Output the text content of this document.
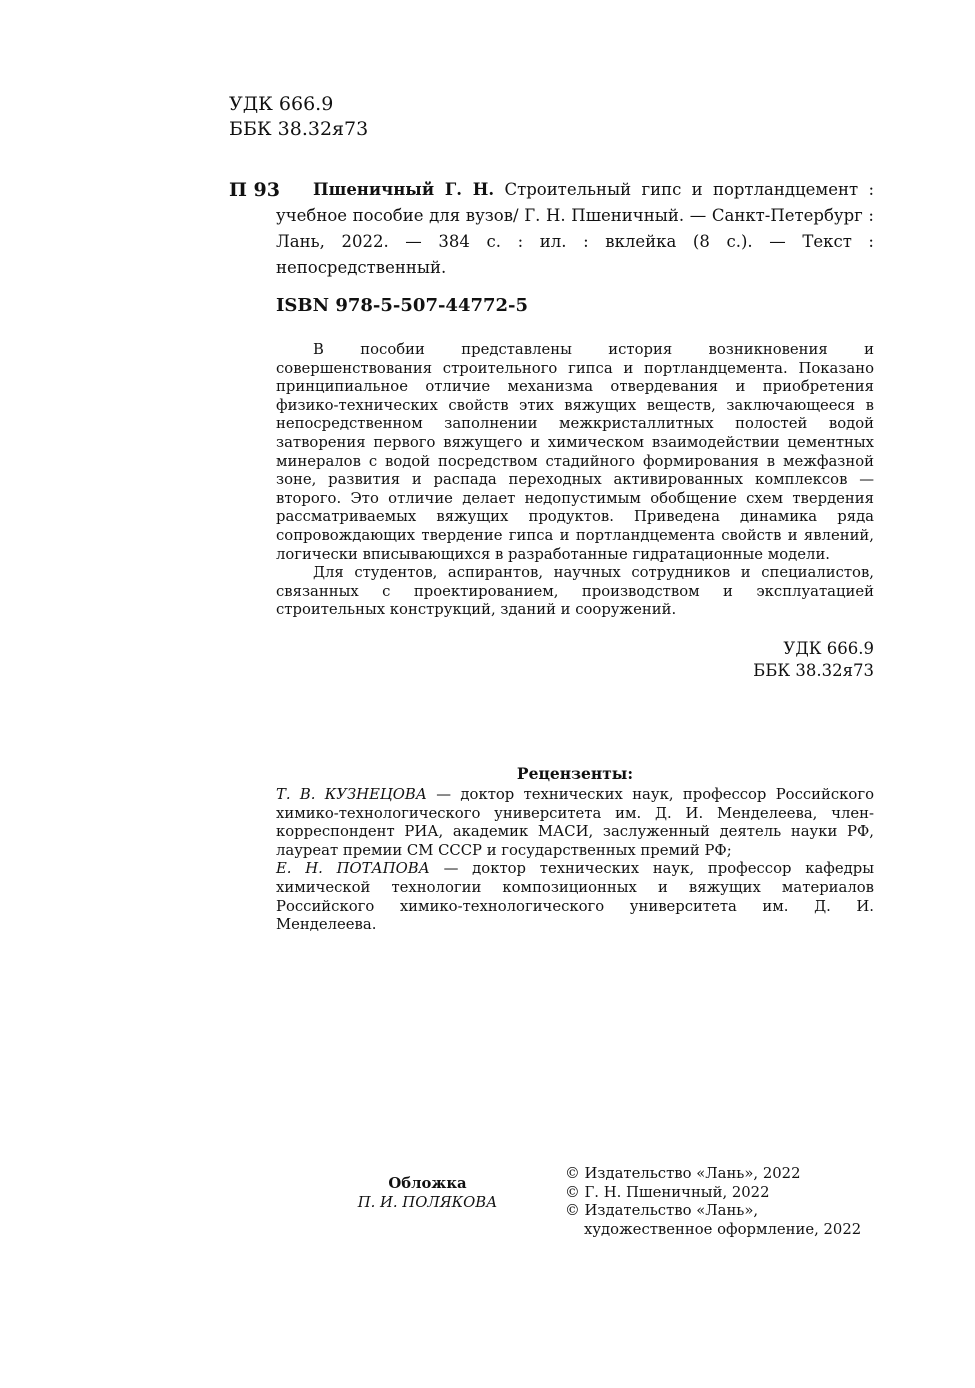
УДК 666.9
ББК 38.32я73
П 93	Пшеничный Г. Н. Строительный гипс и портландцемент : учебное пособие для вузов/ Г. Н. Пшеничный. — Санкт-Петербург : Лань, 2022. — 384 с. : ил. : вклейка (8 с.). — Текст : непосредственный.
ISBN 978-5-507-44772-5

В пособии представлены история возникновения и совершенствования строительного гипса и портландцемента. Показано принципиальное отличие механизма отвердевания и приобретения физико-технических свойств этих вяжущих веществ, заключающееся в непосредственном заполнении межкристаллитных полостей водой затворения первого вяжущего и химическом взаимодействии цементных минералов с водой посредством стадийного формирования в межфазной зоне, развития и распада переходных активированных комплексов — второго. Это отличие делает недопустимым обобщение схем твердения рассматриваемых вяжущих продуктов. Приведена динамика ряда сопровождающих твердение гипса и портландцемента свойств и явлений, логически вписывающихся в разработанные гидратационные модели.

Для студентов, аспирантов, научных сотрудников и специалистов, связанных с проектированием, производством и эксплуатацией строительных конструкций, зданий и сооружений.

УДК 666.9
ББК 38.32я73
Рецензенты:

Т. В. КУЗНЕЦОВА — доктор технических наук, профессор Российского химико-технологического университета им. Д. И. Менделеева, член-корреспондент РИА, академик МАСИ, заслуженный деятель науки РФ, лауреат премии СМ СССР и государственных премий РФ;

Е. Н. ПОТАПОВА — доктор технических наук, профессор кафедры химической технологии композиционных и вяжущих материалов Российского химико-технологического университета им. Д. И. Менделеева.

Обложка
П. И. ПОЛЯКОВА
© Издательство «Лань», 2022
© Г. Н. Пшеничный, 2022
© Издательство «Лань»,
художественное оформление, 2022
